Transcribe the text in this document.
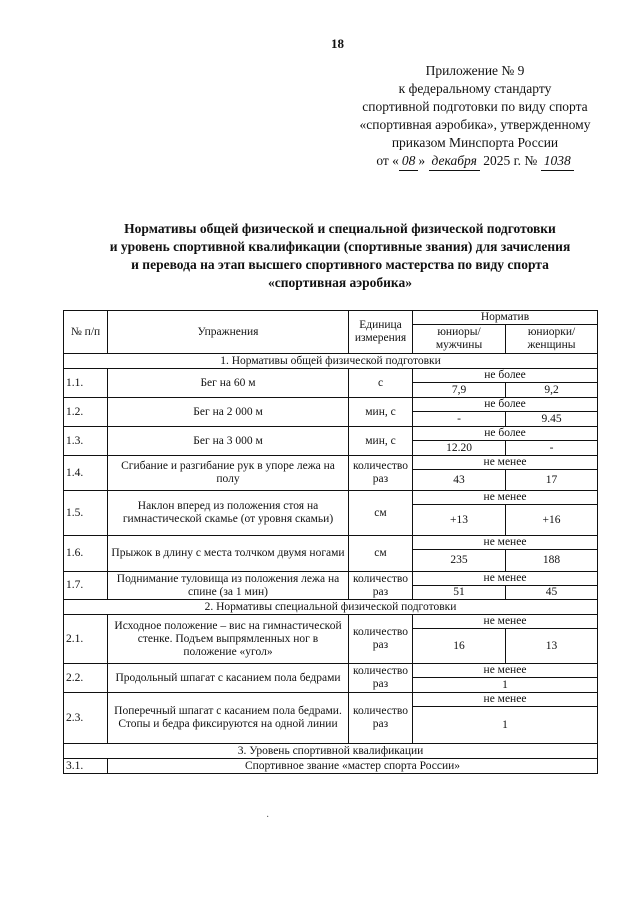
18
Приложение № 9
к федеральному стандарту
спортивной подготовки по виду спорта
«спортивная аэробика», утвержденному
приказом Минспорта России
от « 08 » декабря 2025 г. № 1038
Нормативы общей физической и специальной физической подготовки
и уровень спортивной квалификации (спортивные звания) для зачисления
и перевода на этап высшего спортивного мастерства по виду спорта
«спортивная аэробика»
№ п/п	Упражнения	Единица измерения	Норматив	
			юниоры/ мужчины	юниорки/ женщины
1. Нормативы общей физической подготовки				
1.1.	Бег на 60 м	с	не более	
			7,9	9,2
1.2.	Бег на 2 000 м	мин, с	не более	
			-	9.45
1.3.	Бег на 3 000 м	мин, с	не более	
			12.20	-
1.4.	Сгибание и разгибание рук в упоре лежа на полу	количество раз	не менее	
			43	17
1.5.	Наклон вперед из положения стоя на гимнастической скамье (от уровня скамьи)	см	не менее	
			+13	+16
1.6.	Прыжок в длину с места толчком двумя ногами	см	не менее	
			235	188
1.7.	Поднимание туловища из положения лежа на спине (за 1 мин)	количество раз	не менее	
			51	45
2. Нормативы специальной физической подготовки				
2.1.	Исходное положение – вис на гимнастической стенке. Подъем выпрямленных ног в положение «угол»	количество раз	не менее	
			16	13
2.2.	Продольный шпагат с касанием пола бедрами	количество раз	не менее	
			1	
2.3.	Поперечный шпагат с касанием пола бедрами. Стопы и бедра фиксируются на одной линии	количество раз	не менее	
			1	
3. Уровень спортивной квалификации				
3.1.	Спортивное звание «мастер спорта России»			
·
